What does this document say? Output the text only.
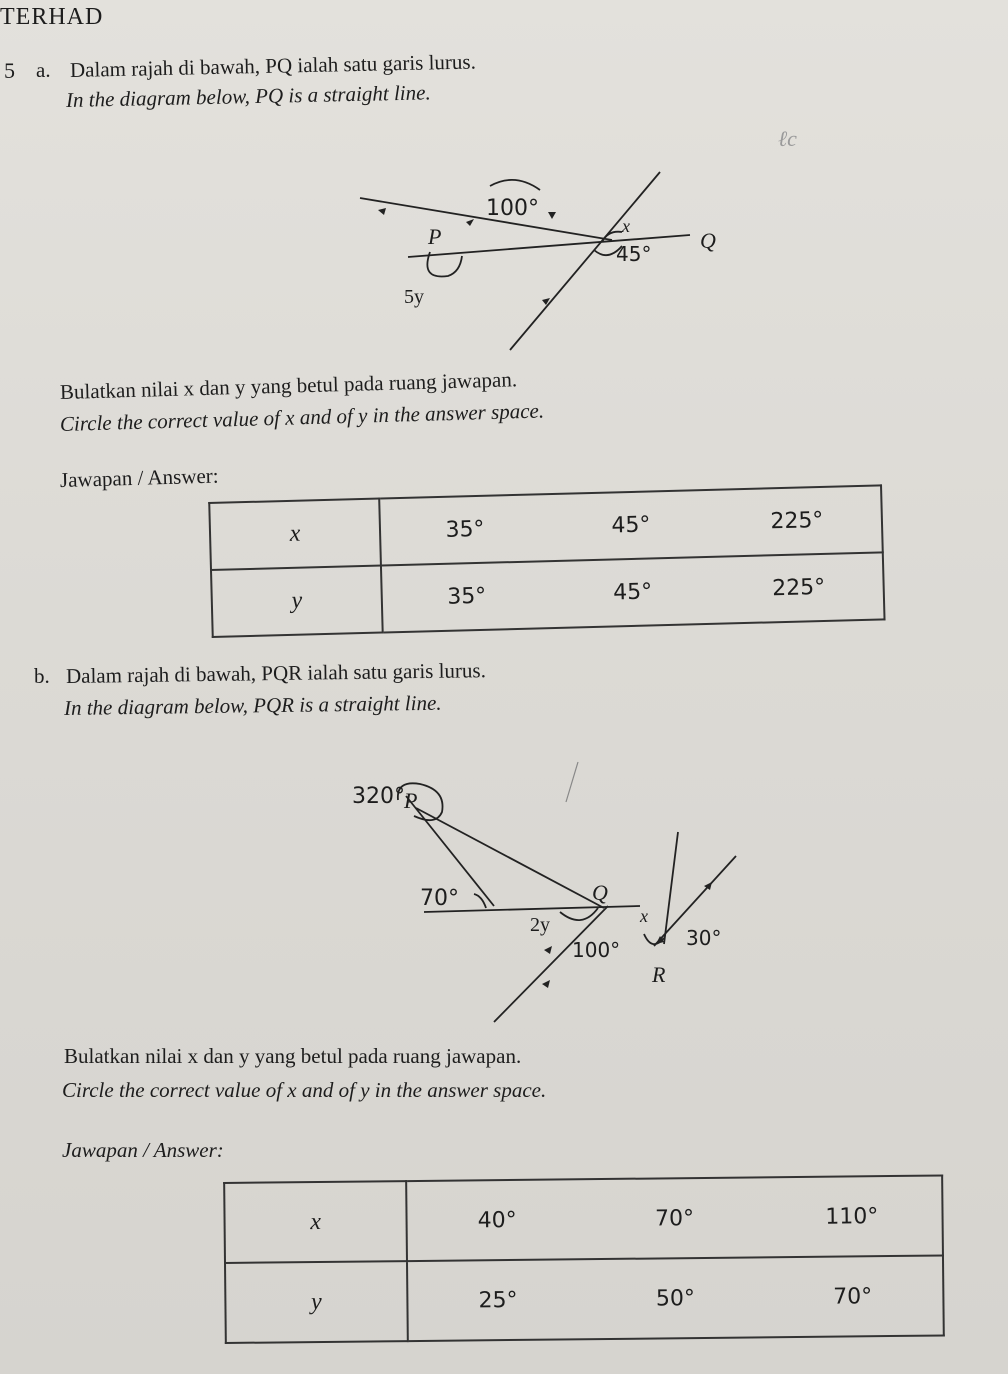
TERHAD
5 a. Dalam rajah di bawah, PQ ialah satu garis lurus.
In the diagram below, PQ is a straight line.
ℓc
100°
P	x
45°
Q
5y
Bulatkan nilai x dan y yang betul pada ruang jawapan.
Circle the correct value of x and of y in the answer space.
Jawapan / Answer:
x	35° 45° 225°

y	35° 45° 225°
b. Dalam rajah di bawah, PQR ialah satu garis lurus.
In the diagram below, PQR is a straight line.
320° P
70°	Q
x
2y
100°	30°
R
Bulatkan nilai x dan y yang betul pada ruang jawapan.
Circle the correct value of x and of y in the answer space.
Jawapan / Answer:
x	40° 70° 110°

y	25° 50° 70°
